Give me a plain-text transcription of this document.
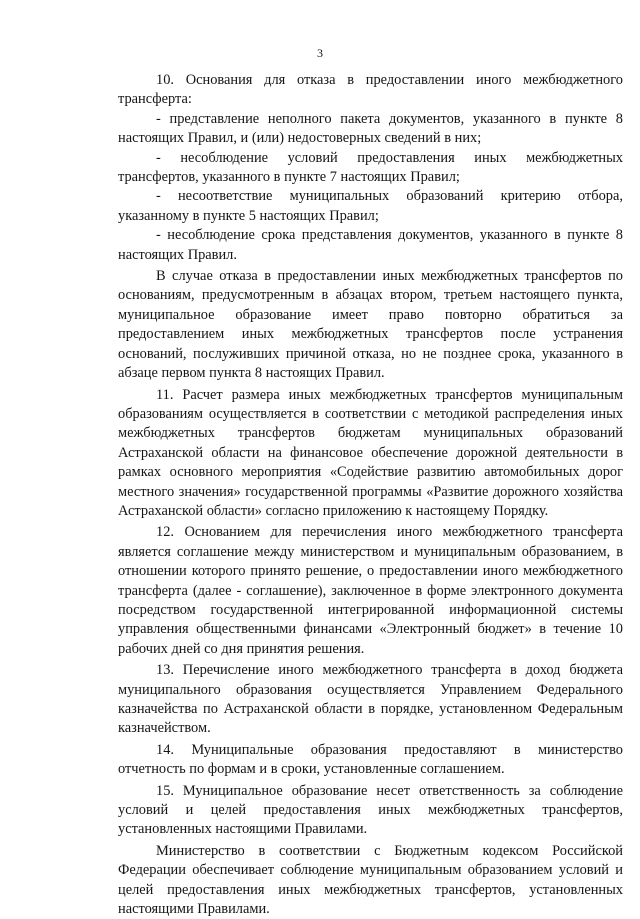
3

10. Основания для отказа в предоставлении иного межбюджетного трансферта:

- представление неполного пакета документов, указанного в пункте 8 настоящих Правил, и (или) недостоверных сведений в них;

- несоблюдение условий предоставления иных межбюджетных трансфертов, указанного в пункте 7 настоящих Правил;

- несоответствие муниципальных образований критерию отбора, указанному в пункте 5 настоящих Правил;

- несоблюдение срока представления документов, указанного в пункте 8 настоящих Правил.

В случае отказа в предоставлении иных межбюджетных трансфертов по основаниям, предусмотренным в абзацах втором, третьем настоящего пункта, муниципальное образование имеет право повторно обратиться за предоставлением иных межбюджетных трансфертов после устранения оснований, послуживших причиной отказа, но не позднее срока, указанного в абзаце первом пункта 8 настоящих Правил.

11. Расчет размера иных межбюджетных трансфертов муниципальным образованиям осуществляется в соответствии с методикой распределения иных межбюджетных трансфертов бюджетам муниципальных образований Астраханской области на финансовое обеспечение дорожной деятельности в рамках основного мероприятия «Содействие развитию автомобильных дорог местного значения» государственной программы «Развитие дорожного хозяйства Астраханской области» согласно приложению к настоящему Порядку.

12. Основанием для перечисления иного межбюджетного трансферта является соглашение между министерством и муниципальным образованием, в отношении которого принято решение, о предоставлении иного межбюджетного трансферта (далее - соглашение), заключенное в форме электронного документа посредством государственной интегрированной информационной системы управления общественными финансами «Электронный бюджет» в течение 10 рабочих дней со дня принятия решения.

13. Перечисление иного межбюджетного трансферта в доход бюджета муниципального образования осуществляется Управлением Федерального казначейства по Астраханской области в порядке, установленном Федеральным казначейством.

14. Муниципальные образования предоставляют в министерство отчетность по формам и в сроки, установленные соглашением.

15. Муниципальное образование несет ответственность за соблюдение условий и целей предоставления иных межбюджетных трансфертов, установленных настоящими Правилами.

Министерство в соответствии с Бюджетным кодексом Российской Федерации обеспечивает соблюдение муниципальным образованием условий и целей предоставления иных межбюджетных трансфертов, установленных настоящими Правилами.
